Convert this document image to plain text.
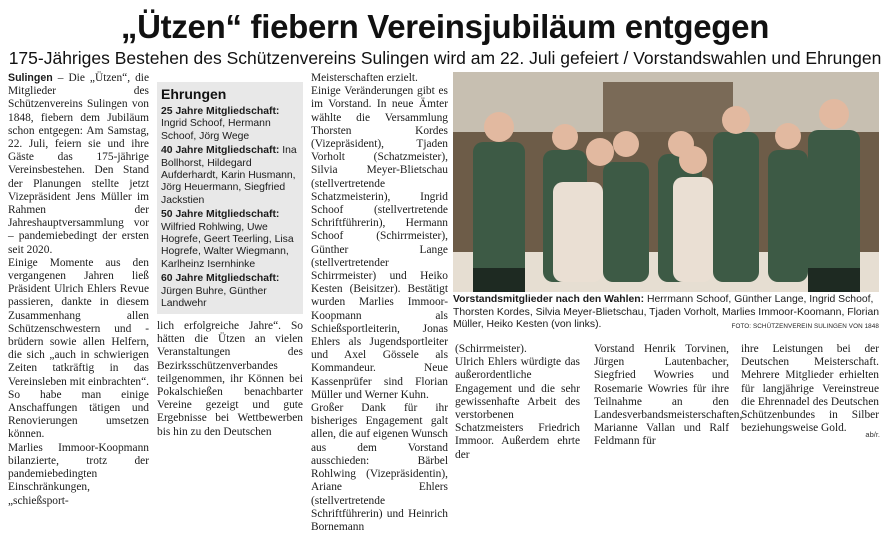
„Ützen“ fiebern Vereinsjubiläum entgegen
175-Jähriges Bestehen des Schützenvereins Sulingen wird am 22. Juli gefeiert / Vorstandswahlen und Ehrungen

Sulingen – Die „Ützen“, die Mitglieder des Schützenvereins Sulingen von 1848, fiebern dem Jubiläum schon entgegen: Am Samstag, 22. Juli, feiern sie und ihre Gäste das 175-jährige Vereinsbestehen. Den Stand der Planungen stellte jetzt Vizepräsident Jens Müller im Rahmen der Jahreshauptversammlung vor – pandemiebedingt der ersten seit 2020.

Einige Momente aus den vergangenen Jahren ließ Präsident Ulrich Ehlers Revue passieren, dankte in diesem Zusammenhang allen Schützenschwestern und -brüdern sowie allen Helfern, die sich „auch in schwierigen Zeiten tatkräftig in das Vereinsleben mit einbrachten“. So habe man einige Anschaffungen tätigen und Renovierungen umsetzen können.

Marlies Immoor-Koopmann bilanzierte, trotz der pandemiebedingten Einschränkungen, „schießsport-

Ehrungen
25 Jahre Mitgliedschaft: Ingrid Schoof, Hermann Schoof, Jörg Wege
40 Jahre Mitgliedschaft: Ina Bollhorst, Hildegard Aufderhardt, Karin Husmann, Jörg Heuermann, Siegfried Jackstien
50 Jahre Mitgliedschaft: Wilfried Rohlwing, Uwe Hogrefe, Geert Teerling, Lisa Hogrefe, Walter Wiegmann, Karlheinz Isernhinke
60 Jahre Mitgliedschaft: Jürgen Buhre, Günther Landwehr

lich erfolgreiche Jahre“. So hätten die Ützen an vielen Veranstaltungen des Bezirksschützenverbandes teilgenommen, ihr Können bei Pokalschießen benachbarter Vereine gezeigt und gute Ergebnisse bei Wettbewerben bis hin zu den Deutschen

Meisterschaften erzielt.

Einige Veränderungen gibt es im Vorstand. In neue Ämter wählte die Versammlung Thorsten Kordes (Vizepräsident), Tjaden Vorholt (Schatzmeister), Silvia Meyer-Blietschau (stellvertretende Schatzmeisterin), Ingrid Schoof (stellvertretende Schriftführerin), Hermann Schoof (Schirrmeister), Günther Lange (stellvertretender Schirrmeister) und Heiko Kesten (Beisitzer). Bestätigt wurden Marlies Immoor-Koopmann als Schießsportleiterin, Jonas Ehlers als Jugendsportleiter und Axel Gössele als Kommandeur. Neue Kassenprüfer sind Florian Müller und Werner Kuhn.

Großer Dank für ihr bisheriges Engagement galt allen, die auf eigenen Wunsch aus dem Vorstand ausschieden: Bärbel Rohlwing (Vizepräsidentin), Ariane Ehlers (stellvertretende Schriftführerin) und Heinrich Bornemann

Vorstandsmitglieder nach den Wahlen: Herrmann Schoof, Günther Lange, Ingrid Schoof, Thorsten Kordes, Silvia Meyer-Blietschau, Tjaden Vorholt, Marlies Immoor-Koomann, Florian Müller, Heiko Kesten (von links).	FOTO: SCHÜTZENVEREIN SULINGEN VON 1848

(Schirrmeister).

Ulrich Ehlers würdigte das außerordentliche Engagement und die sehr gewissenhafte Arbeit des verstorbenen Schatzmeisters Friedrich Immoor. Außerdem ehrte der

Vorstand Henrik Torvinen, Jürgen Lautenbacher, Siegfried Wowries und Rosemarie Wowries für ihre Teilnahme an den Landesverbandsmeisterschaften, Marianne Vallan und Ralf Feldmann für

ihre Leistungen bei der Deutschen Meisterschaft. Mehrere Mitglieder erhielten für langjährige Vereinstreue die Ehrennadel des Deutschen Schützenbundes in Silber beziehungsweise Gold.

ab/r.
